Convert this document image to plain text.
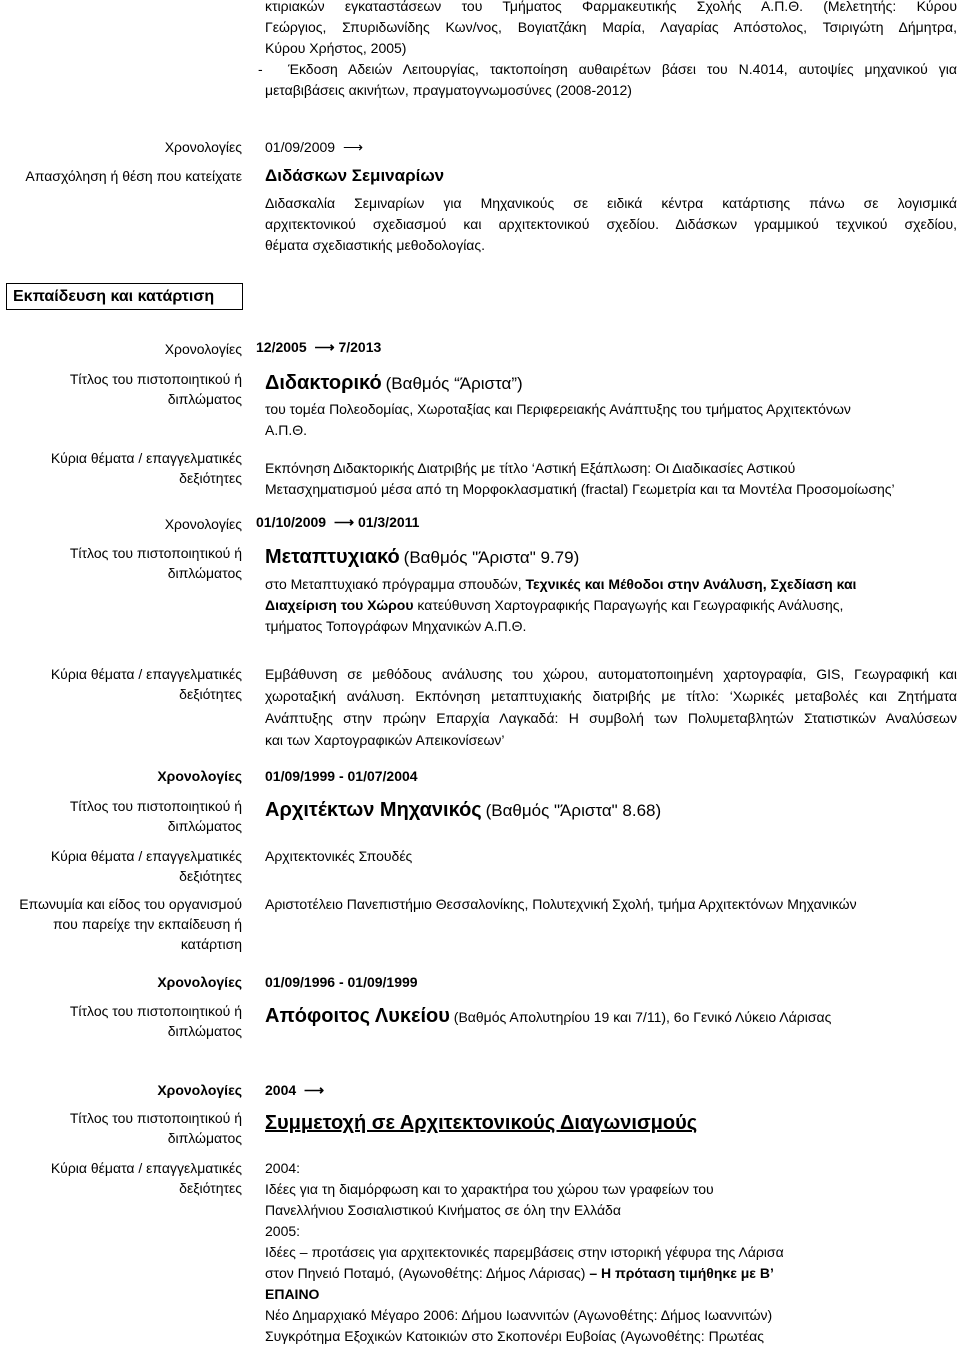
κτιριακών εγκαταστάσεων του Τμήματος Φαρμακευτικής Σχολής Α.Π.Θ. (Μελετητής: Κύρου
Γεώργιος, Σπυριδωνίδης Κων/νος, Βογιατζάκη Μαρία, Λαγαρίας Απόστολος, Τσιριγώτη Δήμητρα,
Κύρου Χρήστος, 2005)
- Έκδοση Αδειών Λειτουργίας, τακτοποίηση αυθαιρέτων βάσει του Ν.4014, αυτοψίες μηχανικού για
μεταβιβάσεις ακινήτων, πραγματογνωμοσύνες (2008-2012)
Χρονολογίες 01/09/2009 ⟶
Απασχόληση ή θέση που κατείχατε Διδάσκων Σεμιναρίων
Διδασκαλία Σεμιναρίων για Μηχανικούς σε ειδικά κέντρα κατάρτισης πάνω σε λογισμικά
αρχιτεκτονικού σχεδιασμού και αρχιτεκτονικού σχεδίου. Διδάσκων γραμμικού τεχνικού σχεδίου,
θέματα σχεδιαστικής μεθοδολογίας.
Εκπαίδευση και κατάρτιση
Χρονολογίες 12/2005 ⟶ 7/2013
Τίτλος του πιστοποιητικού ή διπλώματος
Διδακτορικό (Βαθμός “Άριστα”)
του τομέα Πολεοδομίας, Χωροταξίας και Περιφερειακής Ανάπτυξης του τμήματος Αρχιτεκτόνων
Α.Π.Θ.
Κύρια θέματα / επαγγελματικές δεξιότητες
Εκπόνηση Διδακτορικής Διατριβής με τίτλο ‘Αστική Εξάπλωση: Οι Διαδικασίες Αστικού
Μετασχηματισμού μέσα από τη Μορφοκλασματική (fractal) Γεωμετρία και τα Μοντέλα Προσομοίωσης’
Χρονολογίες 01/10/2009 ⟶ 01/3/2011
Τίτλος του πιστοποιητικού ή διπλώματος
Μεταπτυχιακό (Βαθμός "Άριστα" 9.79)
στο Μεταπτυχιακό πρόγραμμα σπουδών, Τεχνικές και Μέθοδοι στην Ανάλυση, Σχεδίαση και
Διαχείριση του Χώρου κατεύθυνση Χαρτογραφικής Παραγωγής και Γεωγραφικής Ανάλυσης,
τμήματος Τοπογράφων Μηχανικών Α.Π.Θ.
Κύρια θέματα / επαγγελματικές δεξιότητες
Εμβάθυνση σε μεθόδους ανάλυσης του χώρου, αυτοματοποιημένη χαρτογραφία, GIS, Γεωγραφική και
χωροταξική ανάλυση. Εκπόνηση μεταπτυχιακής διατριβής με τίτλο: ‘Χωρικές μεταβολές και Ζητήματα
Ανάπτυξης στην πρώην Επαρχία Λαγκαδά: Η συμβολή των Πολυμεταβλητών Στατιστικών Αναλύσεων
και των Χαρτογραφικών Απεικονίσεων’
Χρονολογίες 01/09/1999 - 01/07/2004
Τίτλος του πιστοποιητικού ή διπλώματος
Αρχιτέκτων Μηχανικός (Βαθμός "Άριστα" 8.68)
Κύρια θέματα / επαγγελματικές δεξιότητες
Αρχιτεκτονικές Σπουδές
Επωνυμία και είδος του οργανισμού που παρείχε την εκπαίδευση ή κατάρτιση
Αριστοτέλειο Πανεπιστήμιο Θεσσαλονίκης, Πολυτεχνική Σχολή, τμήμα Αρχιτεκτόνων Μηχανικών
Χρονολογίες 01/09/1996 - 01/09/1999
Τίτλος του πιστοποιητικού ή διπλώματος
Απόφοιτος Λυκείου (Βαθμός Απολυτηρίου 19 και 7/11), 6ο Γενικό Λύκειο Λάρισας
Χρονολογίες 2004 ⟶
Τίτλος του πιστοποιητικού ή διπλώματος
Συμμετοχή σε Αρχιτεκτονικούς Διαγωνισμούς
Κύρια θέματα / επαγγελματικές δεξιότητες
2004:
Ιδέες για τη διαμόρφωση και το χαρακτήρα του χώρου των γραφείων του
Πανελλήνιου Σοσιαλιστικού Κινήματος σε όλη την Ελλάδα
2005:
Ιδέες – προτάσεις για αρχιτεκτονικές παρεμβάσεις στην ιστορική γέφυρα της Λάρισα
στον Πηνειό Ποταμό, (Αγωνοθέτης: Δήμος Λάρισας) – Η πρόταση τιμήθηκε με Β’
ΕΠΑΙΝΟ
Νέο Δημαρχιακό Μέγαρο 2006: Δήμου Ιωαννιτών (Αγωνοθέτης: Δήμος Ιωαννιτών)
Συγκρότημα Εξοχικών Κατοικιών στο Σκοπονέρι Ευβοίας (Αγωνοθέτης: Πρωτέας
